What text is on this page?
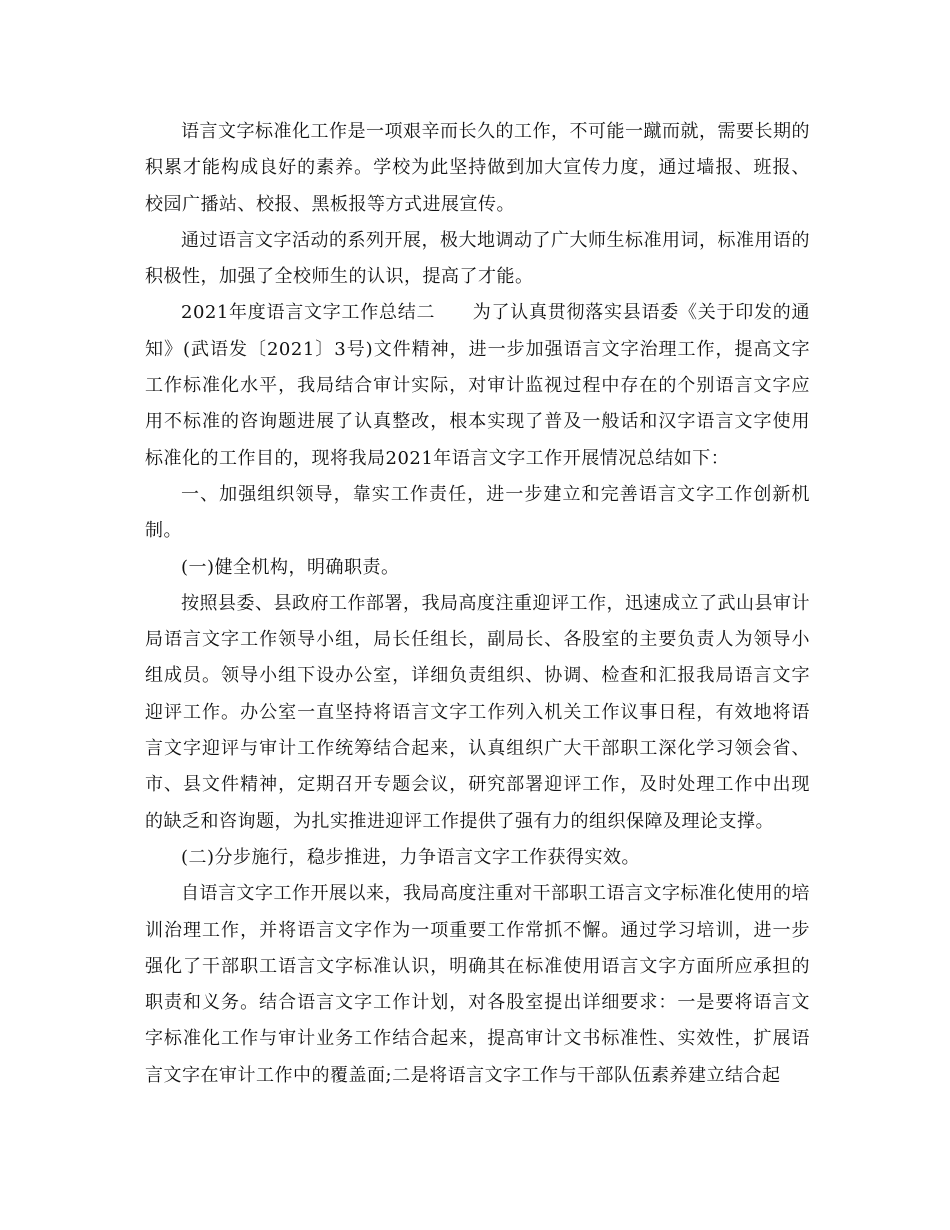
语言文字标准化工作是一项艰辛而长久的工作，不可能一蹴而就，需要长期的积累才能构成良好的素养。学校为此坚持做到加大宣传力度，通过墙报、班报、校园广播站、校报、黑板报等方式进展宣传。

通过语言文字活动的系列开展，极大地调动了广大师生标准用词，标准用语的积极性，加强了全校师生的认识，提高了才能。

2021年度语言文字工作总结二　　为了认真贯彻落实县语委《关于印发的通知》(武语发〔2021〕3号)文件精神，进一步加强语言文字治理工作，提高文字工作标准化水平，我局结合审计实际，对审计监视过程中存在的个别语言文字应用不标准的咨询题进展了认真整改，根本实现了普及一般话和汉字语言文字使用标准化的工作目的，现将我局2021年语言文字工作开展情况总结如下：

一、加强组织领导，靠实工作责任，进一步建立和完善语言文字工作创新机制。

(一)健全机构，明确职责。

按照县委、县政府工作部署，我局高度注重迎评工作，迅速成立了武山县审计局语言文字工作领导小组，局长任组长，副局长、各股室的主要负责人为领导小组成员。领导小组下设办公室，详细负责组织、协调、检查和汇报我局语言文字迎评工作。办公室一直坚持将语言文字工作列入机关工作议事日程，有效地将语言文字迎评与审计工作统筹结合起来，认真组织广大干部职工深化学习领会省、市、县文件精神，定期召开专题会议，研究部署迎评工作，及时处理工作中出现的缺乏和咨询题，为扎实推进迎评工作提供了强有力的组织保障及理论支撑。

(二)分步施行，稳步推进，力争语言文字工作获得实效。

自语言文字工作开展以来，我局高度注重对干部职工语言文字标准化使用的培训治理工作，并将语言文字作为一项重要工作常抓不懈。通过学习培训，进一步强化了干部职工语言文字标准认识，明确其在标准使用语言文字方面所应承担的职责和义务。结合语言文字工作计划，对各股室提出详细要求：一是要将语言文字标准化工作与审计业务工作结合起来，提高审计文书标准性、实效性，扩展语言文字在审计工作中的覆盖面;二是将语言文字工作与干部队伍素养建立结合起
